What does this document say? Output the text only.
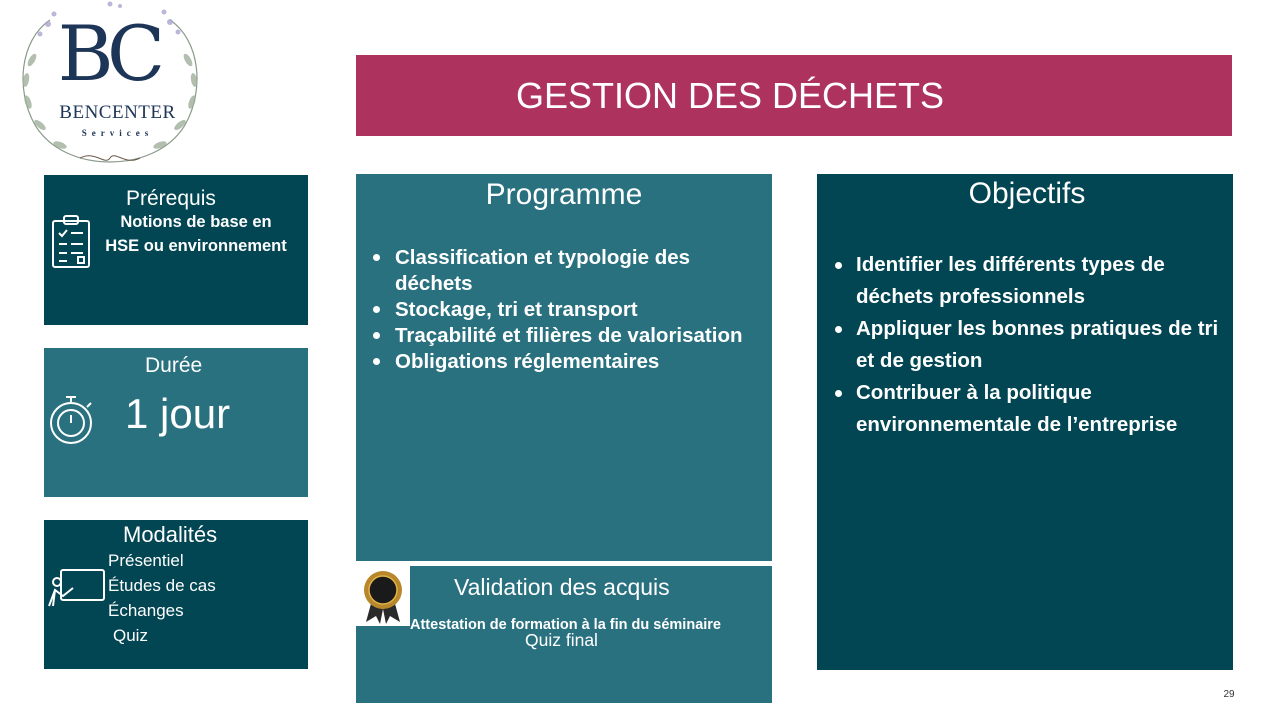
BC
BENCENTER
Services
GESTION DES DÉCHETS
Prérequis
Notions de base en HSE ou environnement
Durée
1 jour
Modalités
Présentiel
Études de cas
Échanges
Quiz
Programme
Classification et typologie des déchets
Stockage, tri et transport
Traçabilité et filières de valorisation
Obligations réglementaires
Validation des acquis
Attestation de formation à la fin du séminaire
Quiz final
Objectifs
Identifier les différents types de déchets professionnels
Appliquer les bonnes pratiques de tri et de gestion
Contribuer à la politique environnementale de l’entreprise
29
